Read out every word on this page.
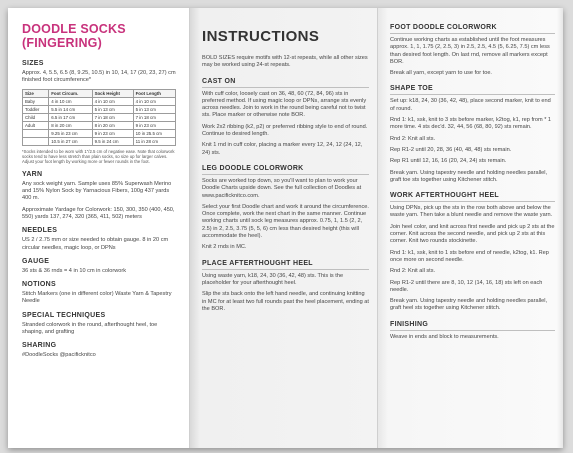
DOODLE SOCKS (FINGERING)
SIZES

Approx. 4, 5.5, 6.5 (8, 9.25, 10.5) in 10, 14, 17 (20, 23, 27) cm finished foot circumference*

Size	Foot Circum.	Sock Height	Foot Length
Baby	4 in 10 cm	4 in 10 cm	4 in 10 cm
Toddler	5.5 in 14 cm	5 in 13 cm	5 in 13 cm
Child	6.5 in 17 cm	7 in 18 cm	7 in 18 cm
Adult	8 in 20 cm	8 in 20 cm	9 in 23 cm
	9.25 in 23 cm	9 in 23 cm	10 in 25.5 cm
	10.5 in 27 cm	9.5 in 24 cm	11 in 28 cm
*Socks intended to be worn with 1"/2.5 cm of negative ease. Note that colorwork socks tend to have less stretch than plain socks, so size up for larger calves. Adjust your foot length by working more or fewer rounds in the foot.
YARN

Any sock weight yarn. Sample uses 85% Superwash Merino and 15% Nylon Sock by Yarnacious Fibers, 100g 437 yards 400 m.

Approximate Yardage for Colorwork: 150, 300, 350 (400, 450, 550) yards 137, 274, 320 (365, 411, 502) meters

NEEDLES

US 2 / 2.75 mm or size needed to obtain gauge. 8 in 20 cm circular needles, magic loop, or DPNs

GAUGE

36 sts & 36 rnds = 4 in 10 cm in colorwork

NOTIONS

Stitch Markers (one in different color) Waste Yarn & Tapestry Needle

SPECIAL TECHNIQUES

Stranded colorwork in the round, afterthought heel, toe shaping, and grafting

SHARING

#DoodleSocks @pacificknitco

INSTRUCTIONS

BOLD SIZES require motifs with 12-st repeats, while all other sizes may be worked using 24-st repeats.

CAST ON

With cuff color, loosely cast on 36, 48, 60 (72, 84, 96) sts in preferred method. If using magic loop or DPNs, arrange sts evenly across needles. Join to work in the round being careful not to twist sts. Place marker or otherwise note BOR.

Work 2x2 ribbing (k2, p2) or preferred ribbing style to end of round. Continue to desired length.

Knit 1 rnd in cuff color, placing a marker every 12, 24, 12 (24, 12, 24) sts.

LEG DOODLE COLORWORK

Socks are worked top down, so you'll want to plan to work your Doodle Charts upside down. See the full collection of Doodles at www.pacificknitco.com.

Select your first Doodle chart and work it around the circumference. Once complete, work the next chart in the same manner. Continue working charts until sock leg measures approx. 0.75, 1, 1.5 (2, 2, 2.5) in 2, 2.5, 3.75 (5, 5, 6) cm less than desired height (this will accommodate the heel).

Knit 2 rnds in MC.

PLACE AFTERTHOUGHT HEEL

Using waste yarn, k18, 24, 30 (36, 42, 48) sts. This is the placeholder for your afterthought heel.

Slip the sts back onto the left hand needle, and continuing knitting in MC for at least two full rounds past the heel placement, ending at the BOR.

FOOT DOODLE COLORWORK

Continue working charts as established until the foot measures approx. 1, 1, 1.75 (2, 2.5, 3) in 2.5, 2.5, 4.5 (5, 6.25, 7.5) cm less than desired foot length. On last rnd, remove all markers except BOR.

Break all yarn, except yarn to use for toe.

SHAPE TOE

Set up: k18, 24, 30 (36, 42, 48), place second marker, knit to end of round.

Rnd 1: k1, ssk, knit to 3 sts before marker, k2tog, k1, rep from * 1 more time. 4 sts dec'd. 32, 44, 56 (68, 80, 92) sts remain.

Rnd 2: Knit all sts.

Rep R1-2 until 20, 28, 36 (40, 48, 48) sts remain.

Rep R1 until 12, 16, 16 (20, 24, 24) sts remain.

Break yarn. Using tapestry needle and holding needles parallel, graft toe sts together using Kitchener stitch.

WORK AFTERTHOUGHT HEEL

Using DPNs, pick up the sts in the row both above and below the waste yarn. Then take a blunt needle and remove the waste yarn.

Join heel color, and knit across first needle and pick up 2 sts at the corner. Knit across the second needle, and pick up 2 sts at this corner. Knit two rounds stockinette.

Rnd 1: k1, ssk, knit to 1 sts before end of needle, k2tog, k1. Rep once more on second needle.

Rnd 2: Knit all sts.

Rep R1-2 until there are 8, 10, 12 (14, 16, 18) sts left on each needle.

Break yarn. Using tapestry needle and holding needles parallel, graft heel sts together using Kitchener stitch.

FINISHING

Weave in ends and block to measurements.
